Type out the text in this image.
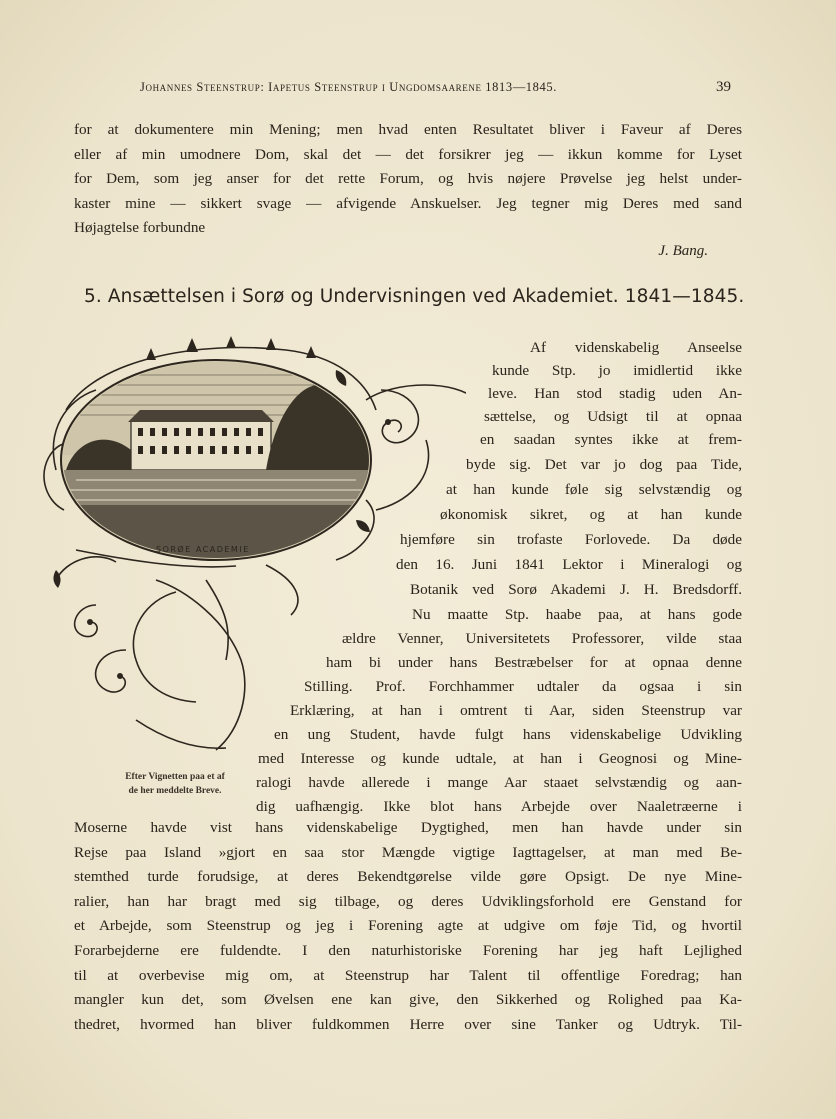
Johannes Steenstrup: Iapetus Steenstrup i Ungdomsaarene 1813—1845.	39
for at dokumentere min Mening; men hvad enten Resultatet bliver i Faveur af Deres
eller af min umodnere Dom, skal det — det forsikrer jeg — ikkun komme for Lyset
for Dem, som jeg anser for det rette Forum, og hvis nøjere Prøvelse jeg helst under-
kaster mine — sikkert svage — afvigende Anskuelser. Jeg tegner mig Deres med sand
Højagtelse forbundne
J. Bang.
5. Ansættelsen i Sorø og Undervisningen ved Akademiet. 1841—1845.
SORØE ACADEMIE
Af videnskabelig Anseelse
kunde Stp. jo imidlertid ikke
leve. Han stod stadig uden An-
sættelse, og Udsigt til at opnaa
en saadan syntes ikke at frem-
byde sig. Det var jo dog paa Tide,
at han kunde føle sig selvstændig og
økonomisk sikret, og at han kunde
hjemføre sin trofaste Forlovede. Da døde
den 16. Juni 1841 Lektor i Mineralogi og
Botanik ved Sorø Akademi J. H. Bredsdorff.
Nu maatte Stp. haabe paa, at hans gode
ældre Venner, Universitetets Professorer, vilde staa
ham bi under hans Bestræbelser for at opnaa denne
Stilling. Prof. Forchhammer udtaler da ogsaa i sin
Erklæring, at han i omtrent ti Aar, siden Steenstrup var
en ung Student, havde fulgt hans videnskabelige Udvikling
med Interesse og kunde udtale, at han i Geognosi og Mine-
ralogi havde allerede i mange Aar staaet selvstændig og aan-
dig uafhængig. Ikke blot hans Arbejde over Naaletræerne i
Efter Vignetten paa et af
de her meddelte Breve.
Moserne havde vist hans videnskabelige Dygtighed, men han havde under sin
Rejse paa Island »gjort en saa stor Mængde vigtige Iagttagelser, at man med Be-
stemthed turde forudsige, at deres Bekendtgørelse vilde gøre Opsigt. De nye Mine-
ralier, han har bragt med sig tilbage, og deres Udviklingsforhold ere Genstand for
et Arbejde, som Steenstrup og jeg i Forening agte at udgive om føje Tid, og hvortil
Forarbejderne ere fuldendte. I den naturhistoriske Forening har jeg haft Lejlighed
til at overbevise mig om, at Steenstrup har Talent til offentlige Foredrag; han
mangler kun det, som Øvelsen ene kan give, den Sikkerhed og Rolighed paa Ka-
thedret, hvormed han bliver fuldkommen Herre over sine Tanker og Udtryk. Til-
